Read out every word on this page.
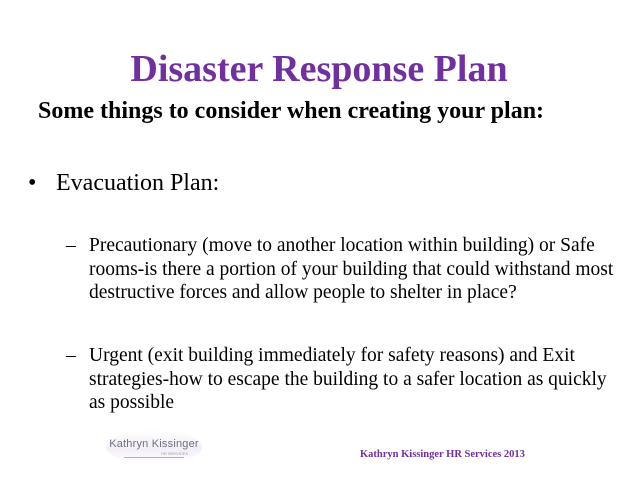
Disaster Response Plan
Some things to consider when creating your plan:
• Evacuation Plan:
– Precautionary (move to another location within building) or Safe rooms-is there a portion of your building that could withstand most destructive forces and allow people to shelter in place?
– Urgent (exit building immediately for safety reasons) and Exit strategies-how to escape the building to a safer location as quickly as possible
Kathryn Kissinger
HR SERVICES	Kathryn Kissinger HR Services 2013
